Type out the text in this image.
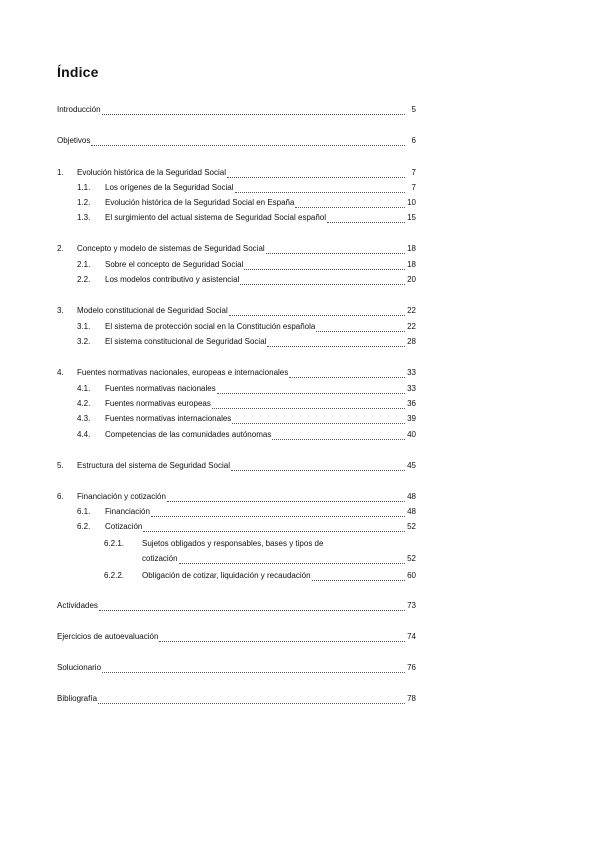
Índice
Introducción	5
Objetivos	6
1.	Evolución histórica de la Seguridad Social	7
1.1.	Los orígenes de la Seguridad Social	7
1.2.	Evolución histórica de la Seguridad Social en España	10
1.3.	El surgimiento del actual sistema de Seguridad Social español	15
2.	Concepto y modelo de sistemas de Seguridad Social	18
2.1.	Sobre el concepto de Seguridad Social	18
2.2.	Los modelos contributivo y asistencial	20
3.	Modelo constitucional de Seguridad Social	22
3.1.	El sistema de protección social en la Constitución española	22
3.2.	El sistema constitucional de Seguridad Social	28
4.	Fuentes normativas nacionales, europeas e internacionales	33
4.1.	Fuentes normativas nacionales	33
4.2.	Fuentes normativas europeas	36
4.3.	Fuentes normativas internacionales	39
4.4.	Competencias de las comunidades autónomas	40
5.	Estructura del sistema de Seguridad Social	45
6.	Financiación y cotización	48
6.1.	Financiación	48
6.2.	Cotización	52
6.2.1.	Sujetos obligados y responsables, bases y tipos de
cotización	52
6.2.2.	Obligación de cotizar, liquidación y recaudación	60
Actividades	73
Ejercicios de autoevaluación	74
Solucionario	76
Bibliografía	78
